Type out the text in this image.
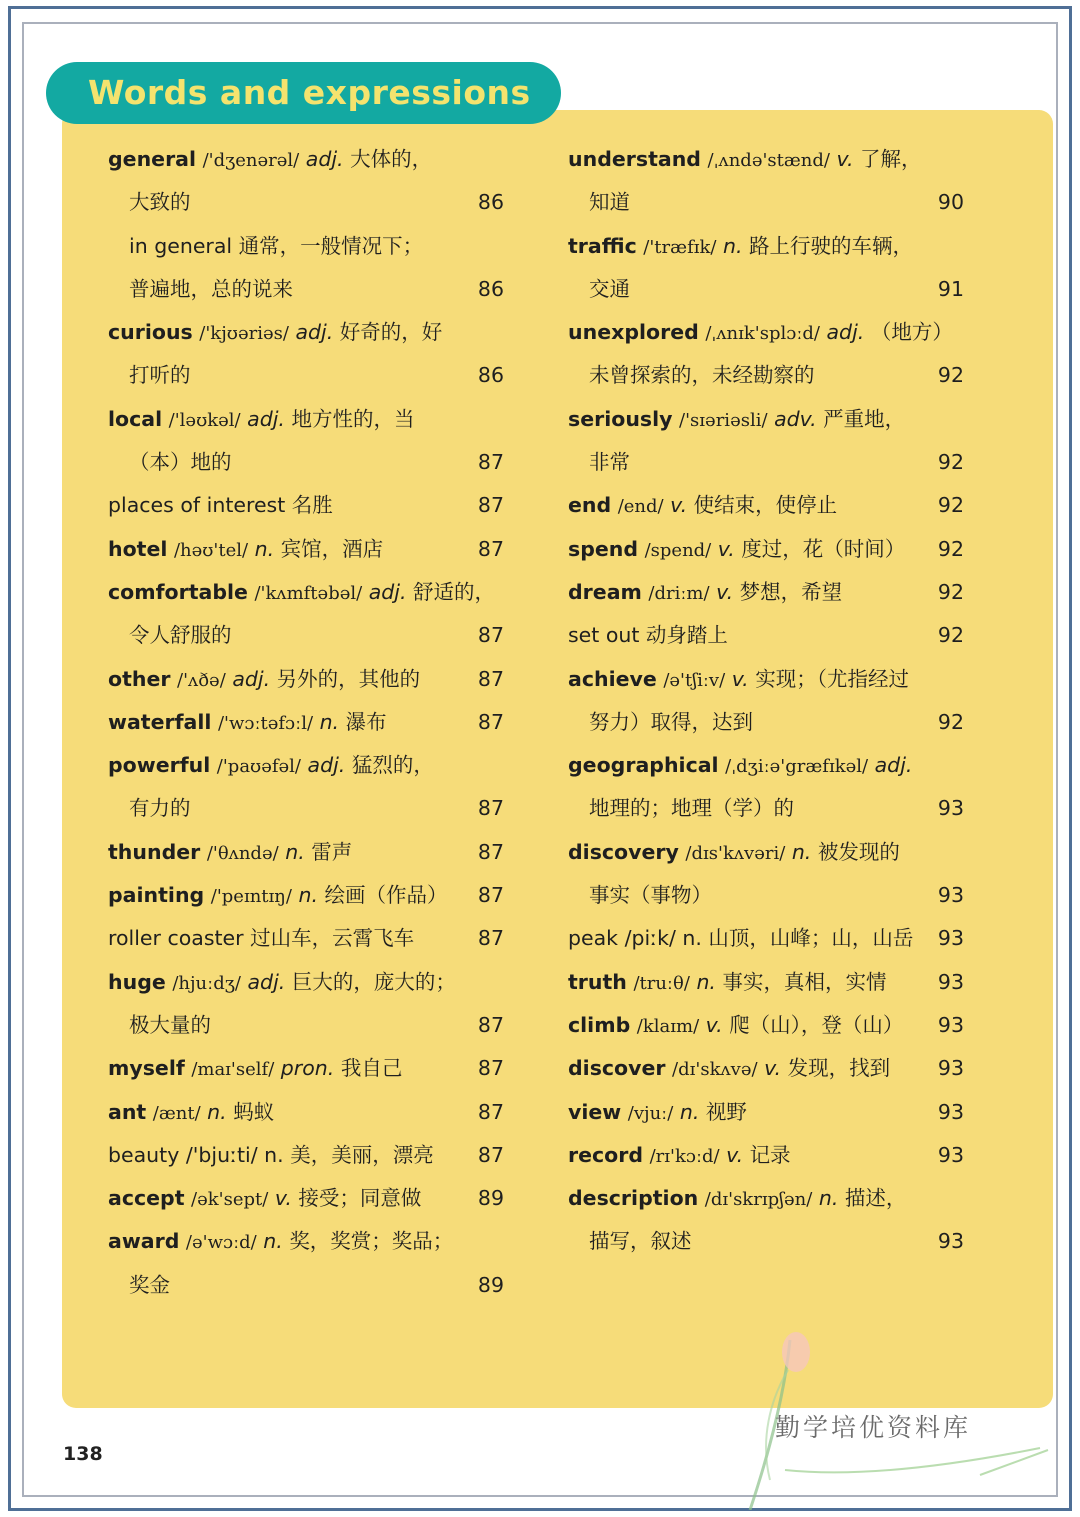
Words and expressions
general /'dʒenərəl/ adj. 大体的，
大致的	86
in general 通常，一般情况下；
普遍地，总的说来	86
curious /'kjʊəriəs/ adj. 好奇的，好
打听的	86
local /'ləʊkəl/ adj. 地方性的，当
（本）地的	87
places of interest 名胜	87
hotel /həʊ'tel/ n. 宾馆，酒店	87
comfortable /'kʌmftəbəl/ adj. 舒适的，
令人舒服的	87
other /'ʌðə/ adj. 另外的，其他的	87
waterfall /'wɔːtəfɔːl/ n. 瀑布	87
powerful /'paʊəfəl/ adj. 猛烈的，
有力的	87
thunder /'θʌndə/ n. 雷声	87
painting /'peɪntɪŋ/ n. 绘画（作品） 87
roller coaster 过山车，云霄飞车	87
huge /hjuːdʒ/ adj. 巨大的，庞大的；
极大量的	87
myself /maɪ'self/ pron. 我自己	87
ant /ænt/ n. 蚂蚁	87
beauty /'bjuːti/ n. 美，美丽，漂亮 87
accept /ək'sept/ v. 接受；同意做	89
award /ə'wɔːd/ n. 奖，奖赏；奖品；
奖金	89
understand /ˌʌndə'stænd/ v. 了解，
知道	90
traffic /'træfɪk/ n. 路上行驶的车辆，
交通	91
unexplored /ˌʌnɪk'splɔːd/ adj. （地方）
未曾探索的，未经勘察的	92
seriously /'sɪəriəsli/ adv. 严重地，
非常	92
end /end/ v. 使结束，使停止	92
spend /spend/ v. 度过，花（时间） 92
dream /driːm/ v. 梦想，希望	92
set out 动身踏上	92
achieve /ə'tʃiːv/ v. 实现；（尤指经过
努力）取得，达到	92
geographical /ˌdʒiːə'græfɪkəl/ adj.
地理的；地理（学）的	93
discovery /dɪs'kʌvəri/ n. 被发现的
事实（事物）	93
peak /piːk/ n. 山顶，山峰；山，山岳 93
truth /truːθ/ n. 事实，真相，实情	93
climb /klaɪm/ v. 爬（山），登（山） 93
discover /dɪ'skʌvə/ v. 发现，找到 93
view /vjuː/ n. 视野	93
record /rɪ'kɔːd/ v. 记录	93
description /dɪ'skrɪpʃən/ n. 描述，
描写，叙述	93
138
勤学培优资料库
